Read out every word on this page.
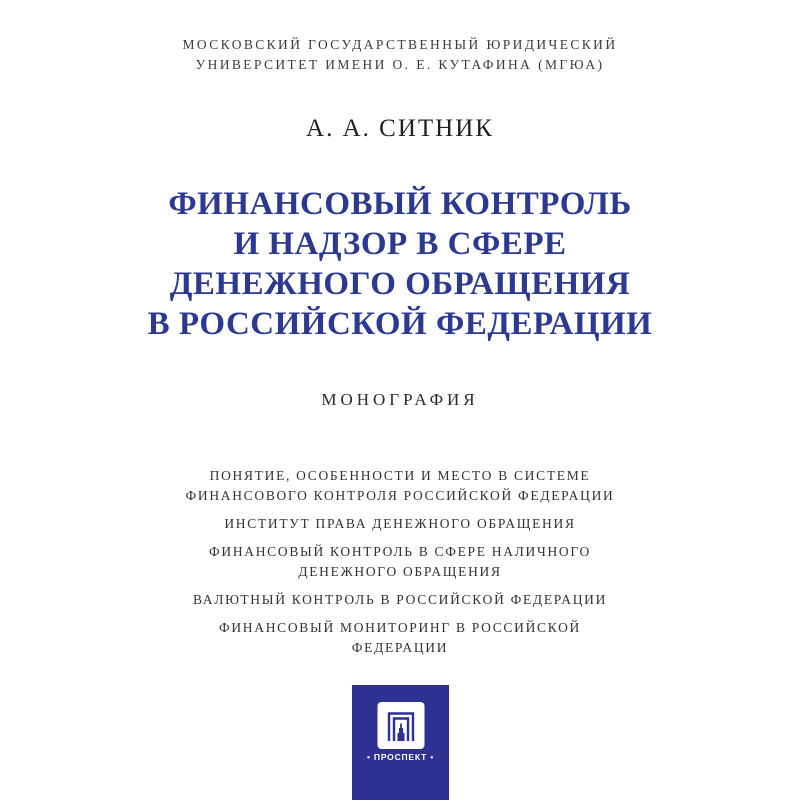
МОСКОВСКИЙ ГОСУДАРСТВЕННЫЙ ЮРИДИЧЕСКИЙ
УНИВЕРСИТЕТ ИМЕНИ О. Е. КУТАФИНА (МГЮА)
А. А. СИТНИК
ФИНАНСОВЫЙ КОНТРОЛЬ
И НАДЗОР В СФЕРЕ
ДЕНЕЖНОГО ОБРАЩЕНИЯ
В РОССИЙСКОЙ ФЕДЕРАЦИИ
МОНОГРАФИЯ
ПОНЯТИЕ, ОСОБЕННОСТИ И МЕСТО В СИСТЕМЕ
ФИНАНСОВОГО КОНТРОЛЯ РОССИЙСКОЙ ФЕДЕРАЦИИ
ИНСТИТУТ ПРАВА ДЕНЕЖНОГО ОБРАЩЕНИЯ
ФИНАНСОВЫЙ КОНТРОЛЬ В СФЕРЕ НАЛИЧНОГО
ДЕНЕЖНОГО ОБРАЩЕНИЯ
ВАЛЮТНЫЙ КОНТРОЛЬ В РОССИЙСКОЙ ФЕДЕРАЦИИ
ФИНАНСОВЫЙ МОНИТОРИНГ В РОССИЙСКОЙ
ФЕДЕРАЦИИ
• ПРОСПЕКТ •
